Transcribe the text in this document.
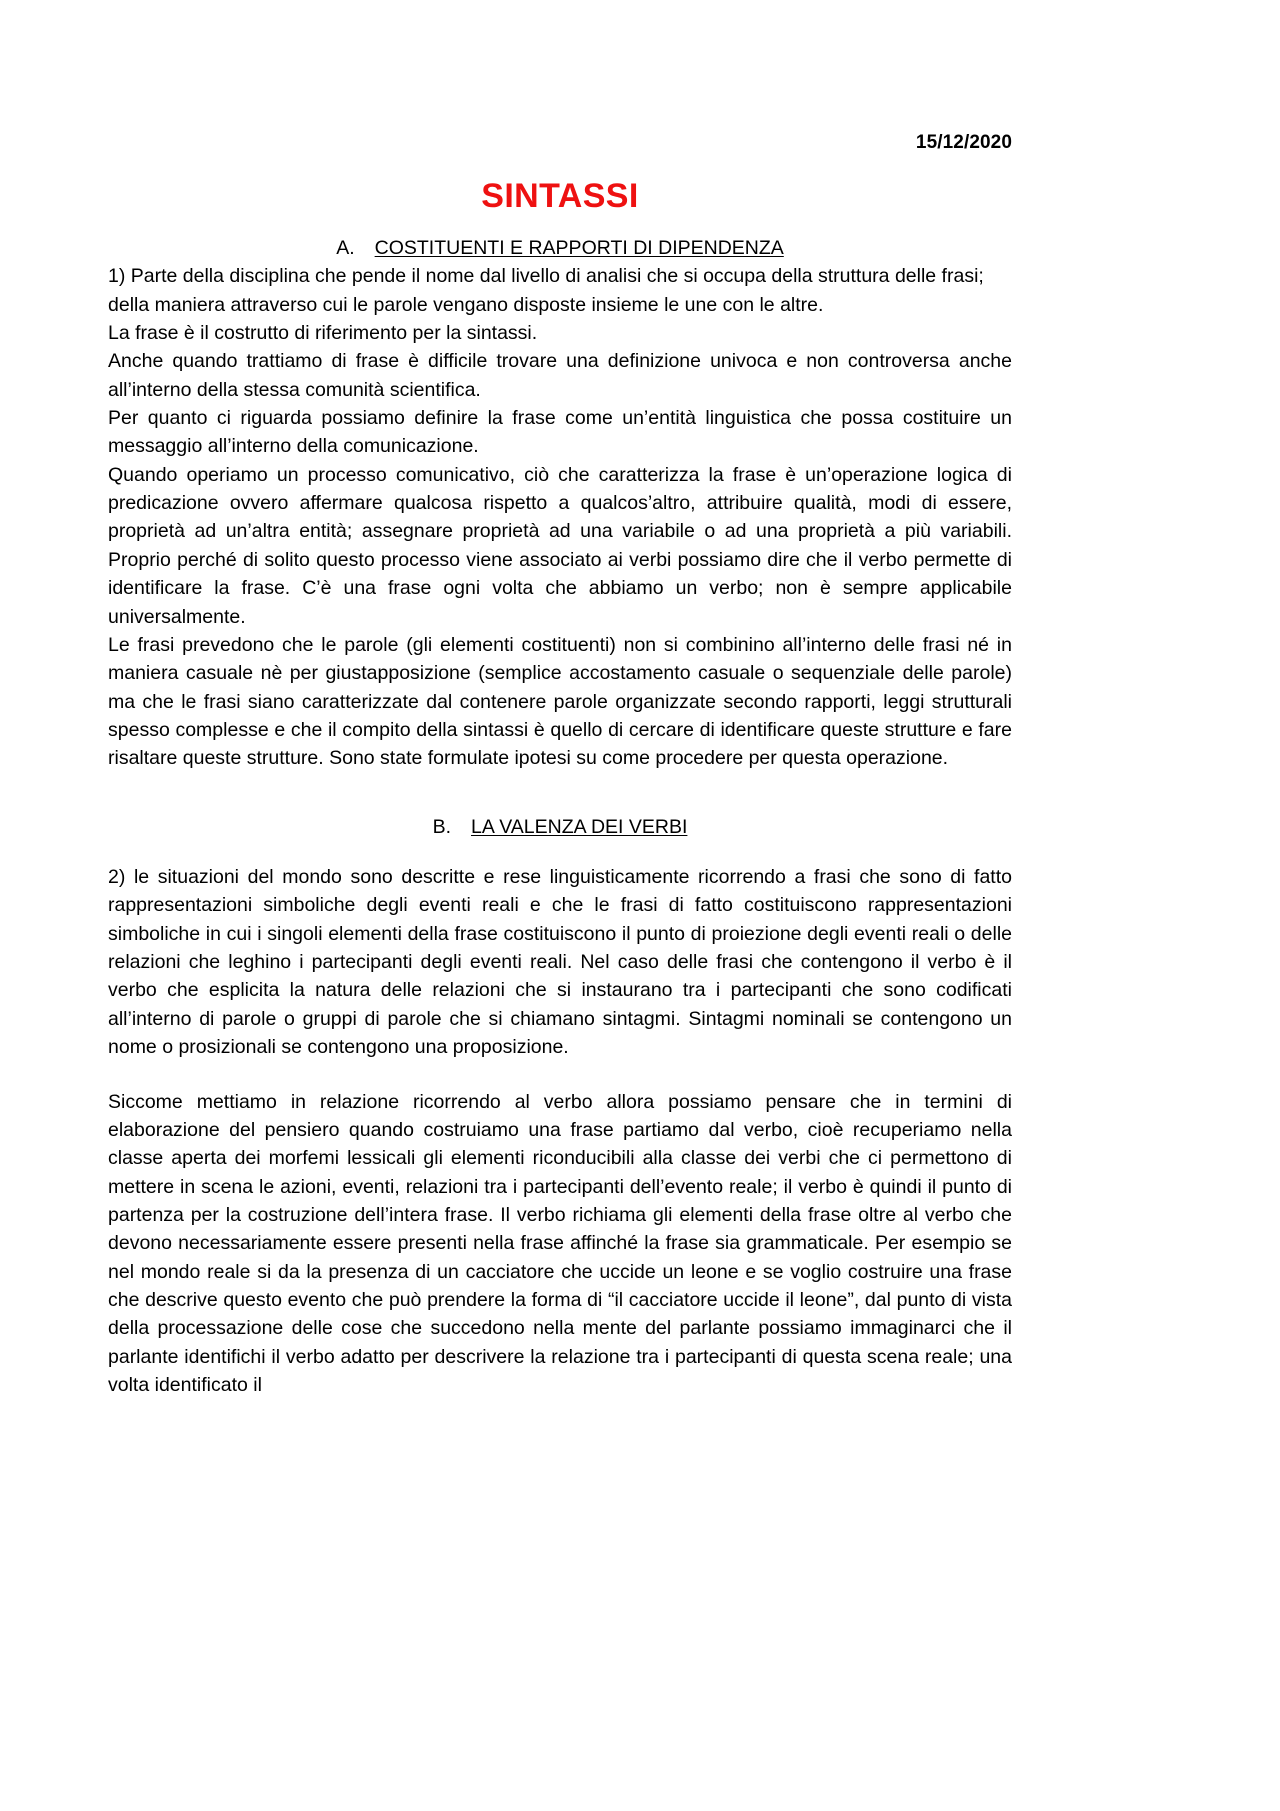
15/12/2020
SINTASSI
A. COSTITUENTI E RAPPORTI DI DIPENDENZA

1) Parte della disciplina che pende il nome dal livello di analisi che si occupa della struttura delle frasi; della maniera attraverso cui le parole vengano disposte insieme le une con le altre.

La frase è il costrutto di riferimento per la sintassi.

Anche quando trattiamo di frase è difficile trovare una definizione univoca e non controversa anche all’interno della stessa comunità scientifica.

Per quanto ci riguarda possiamo definire la frase come un’entità linguistica che possa costituire un messaggio all’interno della comunicazione.

Quando operiamo un processo comunicativo, ciò che caratterizza la frase è un’operazione logica di predicazione ovvero affermare qualcosa rispetto a qualcos’altro, attribuire qualità, modi di essere, proprietà ad un’altra entità; assegnare proprietà ad una variabile o ad una proprietà a più variabili. Proprio perché di solito questo processo viene associato ai verbi possiamo dire che il verbo permette di identificare la frase. C’è una frase ogni volta che abbiamo un verbo; non è sempre applicabile universalmente.

Le frasi prevedono che le parole (gli elementi costituenti) non si combinino all’interno delle frasi né in maniera casuale nè per giustapposizione (semplice accostamento casuale o sequenziale delle parole) ma che le frasi siano caratterizzate dal contenere parole organizzate secondo rapporti, leggi strutturali spesso complesse e che il compito della sintassi è quello di cercare di identificare queste strutture e fare risaltare queste strutture. Sono state formulate ipotesi su come procedere per questa operazione.

B. LA VALENZA DEI VERBI

2) le situazioni del mondo sono descritte e rese linguisticamente ricorrendo a frasi che sono di fatto rappresentazioni simboliche degli eventi reali e che le frasi di fatto costituiscono rappresentazioni simboliche in cui i singoli elementi della frase costituiscono il punto di proiezione degli eventi reali o delle relazioni che leghino i partecipanti degli eventi reali. Nel caso delle frasi che contengono il verbo è il verbo che esplicita la natura delle relazioni che si instaurano tra i partecipanti che sono codificati all’interno di parole o gruppi di parole che si chiamano sintagmi. Sintagmi nominali se contengono un nome o prosizionali se contengono una proposizione.

Siccome mettiamo in relazione ricorrendo al verbo allora possiamo pensare che in termini di elaborazione del pensiero quando costruiamo una frase partiamo dal verbo, cioè recuperiamo nella classe aperta dei morfemi lessicali gli elementi riconducibili alla classe dei verbi che ci permettono di mettere in scena le azioni, eventi, relazioni tra i partecipanti dell’evento reale; il verbo è quindi il punto di partenza per la costruzione dell’intera frase. Il verbo richiama gli elementi della frase oltre al verbo che devono necessariamente essere presenti nella frase affinché la frase sia grammaticale. Per esempio se nel mondo reale si da la presenza di un cacciatore che uccide un leone e se voglio costruire una frase che descrive questo evento che può prendere la forma di “il cacciatore uccide il leone”, dal punto di vista della processazione delle cose che succedono nella mente del parlante possiamo immaginarci che il parlante identifichi il verbo adatto per descrivere la relazione tra i partecipanti di questa scena reale; una volta identificato il
